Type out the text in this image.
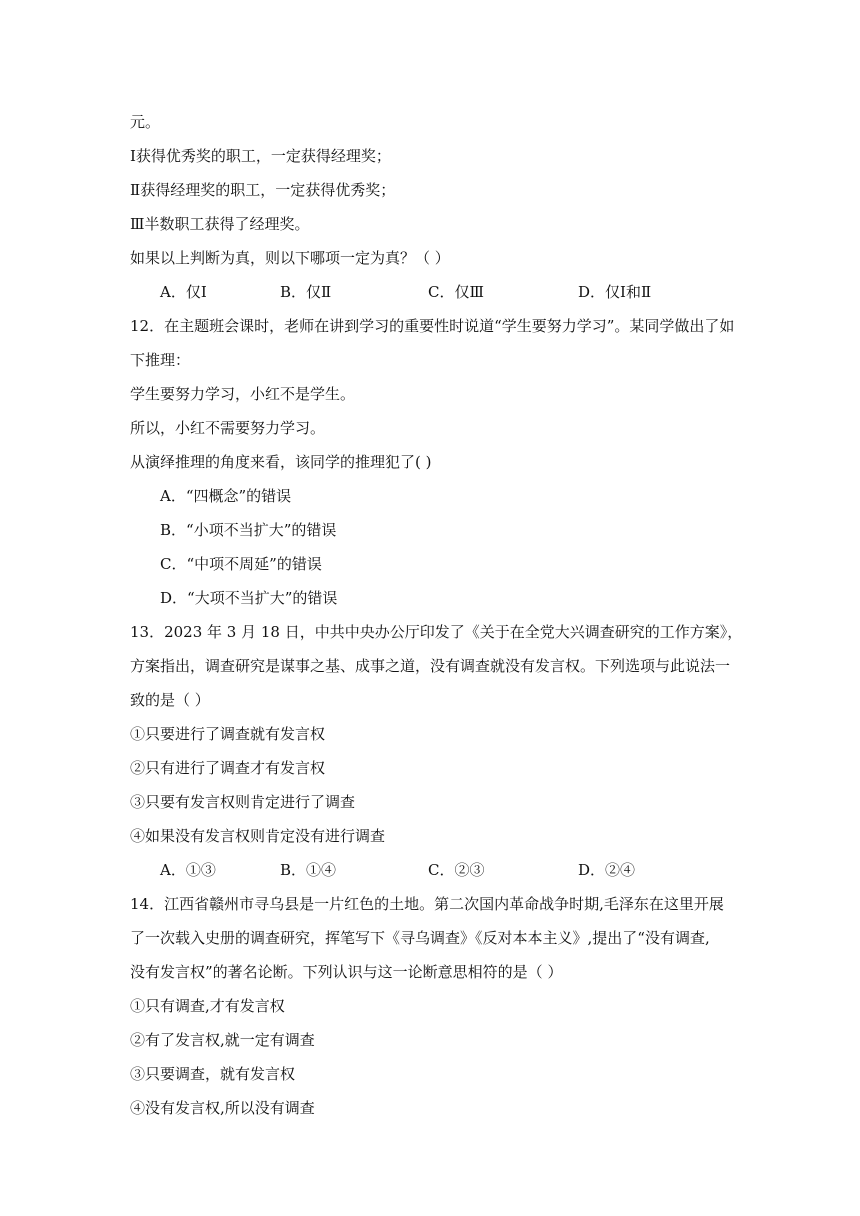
元。
Ⅰ获得优秀奖的职工，一定获得经理奖；
Ⅱ获得经理奖的职工，一定获得优秀奖；
Ⅲ半数职工获得了经理奖。
如果以上判断为真，则以下哪项一定为真？（ ）
A．仅Ⅰ	B．仅Ⅱ	C．仅Ⅲ	D．仅Ⅰ和Ⅱ
12．在主题班会课时，老师在讲到学习的重要性时说道“学生要努力学习”。某同学做出了如
下推理：
学生要努力学习，小红不是学生。
所以，小红不需要努力学习。
从演绎推理的角度来看，该同学的推理犯了( )
A．“四概念”的错误
B．“小项不当扩大”的错误
C．“中项不周延”的错误
D．“大项不当扩大”的错误
13．2023 年 3 月 18 日，中共中央办公厅印发了《关于在全党大兴调查研究的工作方案》，
方案指出，调查研究是谋事之基、成事之道，没有调查就没有发言权。下列选项与此说法一
致的是（ ）
①只要进行了调查就有发言权
②只有进行了调查才有发言权
③只要有发言权则肯定进行了调查
④如果没有发言权则肯定没有进行调查
A．①③	B．①④	C．②③	D．②④
14．江西省赣州市寻乌县是一片红色的土地。第二次国内革命战争时期,毛泽东在这里开展
了一次载入史册的调查研究，挥笔写下《寻乌调查》《反对本本主义》,提出了“没有调查,
没有发言权”的著名论断。下列认识与这一论断意思相符的是（ ）
①只有调查,才有发言权
②有了发言权,就一定有调查
③只要调查，就有发言权
④没有发言权,所以没有调查
